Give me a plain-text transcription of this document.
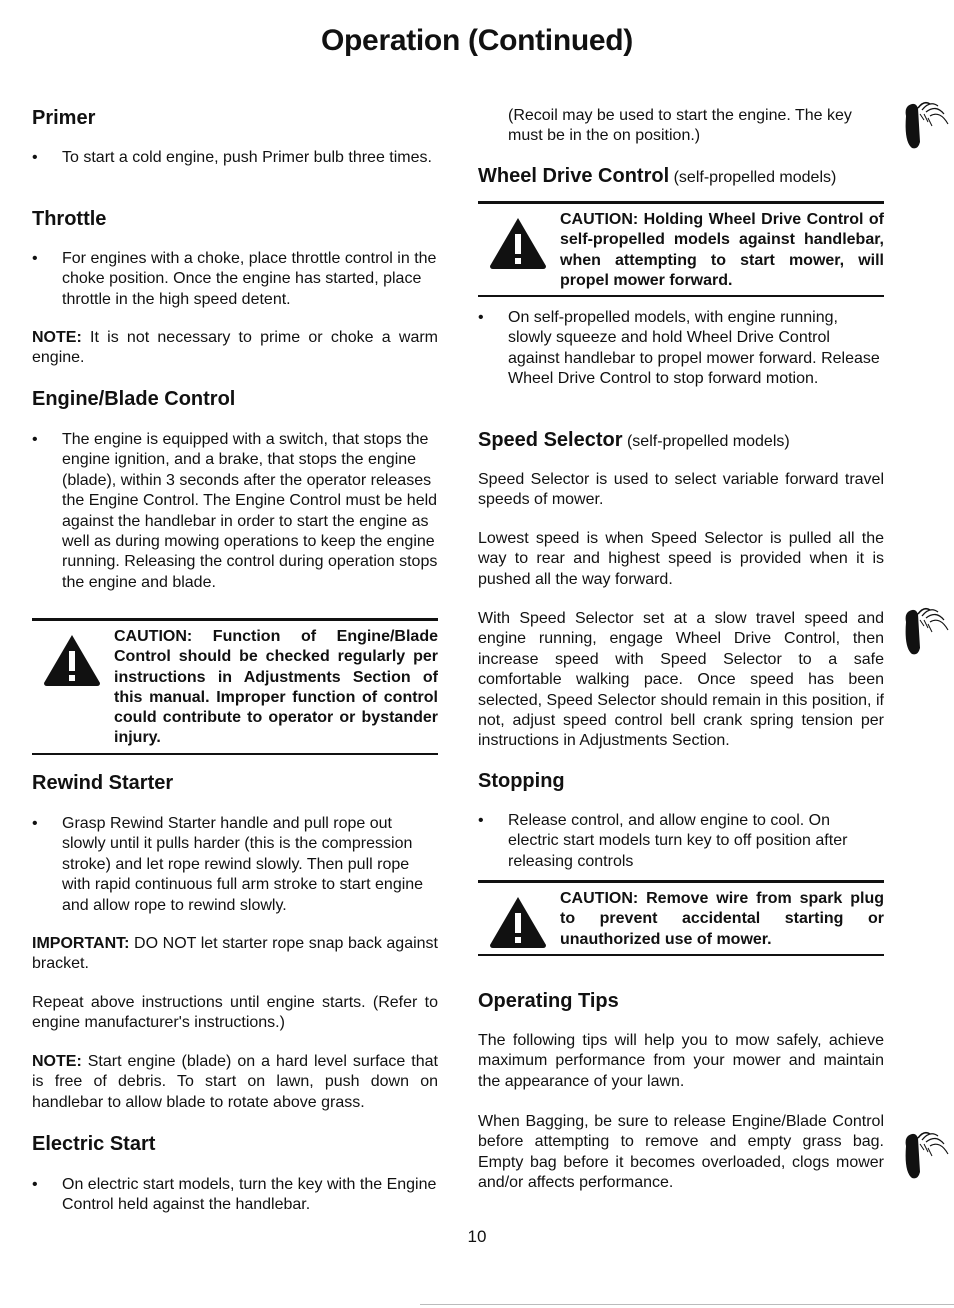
Operation (Continued)
Primer
• To start a cold engine, push Primer bulb three times.
Throttle
• For engines with a choke, place throttle control in the choke position. Once the engine has started, place throttle in the high speed detent.

NOTE: It is not necessary to prime or choke a warm engine.

Engine/Blade Control
• The engine is equipped with a switch, that stops the engine ignition, and a brake, that stops the engine (blade), within 3 seconds after the operator releases the Engine Control. The Engine Control must be held against the handlebar in order to start the engine as well as during mowing operations to keep the engine running. Releasing the control during operation stops the engine and blade.
CAUTION: Function of Engine/Blade Control should be checked regularly per instructions in Adjustments Section of this manual. Improper function of control could contribute to operator or bystander injury.
Rewind Starter
• Grasp Rewind Starter handle and pull rope out slowly until it pulls harder (this is the compression stroke) and let rope rewind slowly. Then pull rope with rapid continuous full arm stroke to start engine and allow rope to rewind slowly.

IMPORTANT: DO NOT let starter rope snap back against bracket.

Repeat above instructions until engine starts. (Refer to engine manufacturer's instructions.)

NOTE: Start engine (blade) on a hard level surface that is free of debris. To start on lawn, push down on handlebar to allow blade to rotate above grass.

Electric Start
• On electric start models, turn the key with the Engine Control held against the handlebar.

(Recoil may be used to start the engine. The key must be in the on position.)

Wheel Drive Control (self-propelled models)
CAUTION: Holding Wheel Drive Control of self-propelled models against handlebar, when attempting to start mower, will propel mower forward.
• On self-propelled models, with engine running, slowly squeeze and hold Wheel Drive Control against handlebar to propel mower forward. Release Wheel Drive Control to stop forward motion.
Speed Selector (self-propelled models)

Speed Selector is used to select variable forward travel speeds of mower.

Lowest speed is when Speed Selector is pulled all the way to rear and highest speed is provided when it is pushed all the way forward.

With Speed Selector set at a slow travel speed and engine running, engage Wheel Drive Control, then increase speed with Speed Selector to a safe comfortable walking pace. Once speed has been selected, Speed Selector should remain in this position, if not, adjust speed control bell crank spring tension per instructions in Adjustments Section.

Stopping
• Release control, and allow engine to cool. On electric start models turn key to off position after releasing controls
CAUTION: Remove wire from spark plug to prevent accidental starting or unauthorized use of mower.
Operating Tips

The following tips will help you to mow safely, achieve maximum performance from your mower and maintain the appearance of your lawn.

When Bagging, be sure to release Engine/Blade Control before attempting to remove and empty grass bag. Empty bag before it becomes overloaded, clogs mower and/or affects performance.

10
